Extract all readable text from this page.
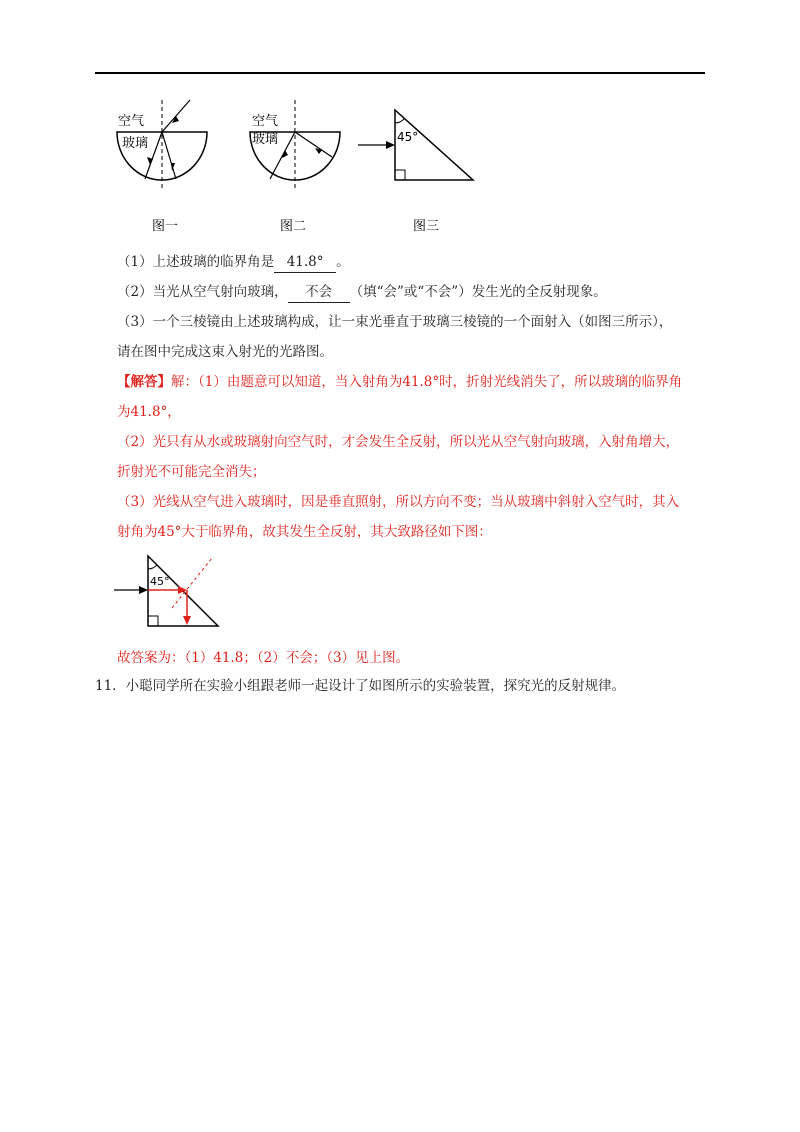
空气
玻璃
图一
空气
玻璃
图二
45°
图三
（1）上述玻璃的临界角是 41.8° 。
（2）当光从空气射向玻璃， 不会 （填“会”或“不会”）发生光的全反射现象。
（3）一个三棱镜由上述玻璃构成，让一束光垂直于玻璃三棱镜的一个面射入（如图三所示），
请在图中完成这束入射光的光路图。
【解答】解：（1）由题意可以知道，当入射角为41.8°时，折射光线消失了，所以玻璃的临界角
为41.8°，
（2）光只有从水或玻璃射向空气时，才会发生全反射，所以光从空气射向玻璃，入射角增大，
折射光不可能完全消失；
（3）光线从空气进入玻璃时，因是垂直照射，所以方向不变；当从玻璃中斜射入空气时，其入
射角为45°大于临界角，故其发生全反射，其大致路径如下图：
45°
故答案为：（1）41.8；（2）不会；（3）见上图。
11．小聪同学所在实验小组跟老师一起设计了如图所示的实验装置，探究光的反射规律。
